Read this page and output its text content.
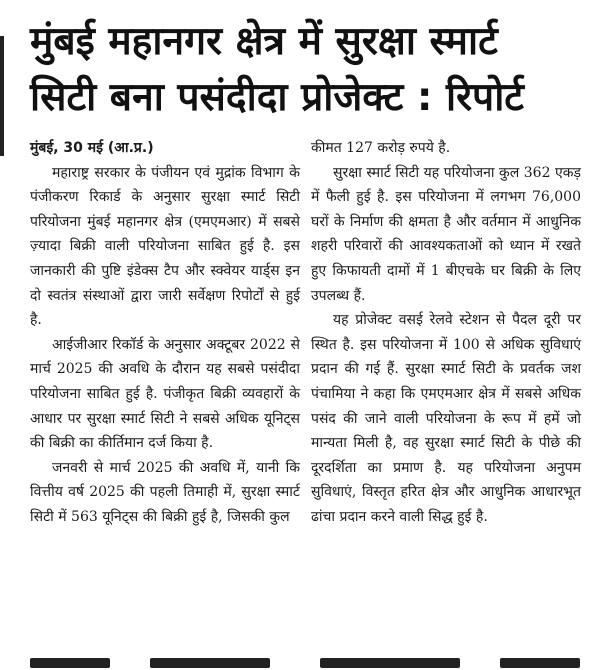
मुंबई महानगर क्षेत्र में सुरक्षा स्मार्ट
सिटी बना पसंदीदा प्रोजेक्ट : रिपोर्ट

मुंबई, 30 मई (आ.प्र.)

महाराष्ट्र सरकार के पंजीयन एवं मुद्रांक विभाग के पंजीकरण रिकार्ड के अनुसार सुरक्षा स्मार्ट सिटी परियोजना मुंबई महानगर क्षेत्र (एमएमआर) में सबसे ज़्यादा बिक्री वाली परियोजना साबित हुई है. इस जानकारी की पुष्टि इंडेक्स टैप और स्क्वेयर यार्ड्स इन दो स्वतंत्र संस्थाओं द्वारा जारी सर्वेक्षण रिपोर्टों से हुई है.

आईजीआर रिकॉर्ड के अनुसार अक्टूबर 2022 से मार्च 2025 की अवधि के दौरान यह सबसे पसंदीदा परियोजना साबित हुई है. पंजीकृत बिक्री व्यवहारों के आधार पर सुरक्षा स्मार्ट सिटी ने सबसे अधिक यूनिट्स की बिक्री का कीर्तिमान दर्ज किया है.

जनवरी से मार्च 2025 की अवधि में, यानी कि वित्तीय वर्ष 2025 की पहली तिमाही में, सुरक्षा स्मार्ट सिटी में 563 यूनिट्स की बिक्री हुई है, जिसकी कुल

कीमत 127 करोड़ रुपये है.

सुरक्षा स्मार्ट सिटी यह परियोजना कुल 362 एकड़ में फैली हुई है. इस परियोजना में लगभग 76,000 घरों के निर्माण की क्षमता है और वर्तमान में आधुनिक शहरी परिवारों की आवश्यकताओं को ध्यान में रखते हुए किफायती दामों में 1 बीएचके घर बिक्री के लिए उपलब्ध हैं.

यह प्रोजेक्ट वसई रेलवे स्टेशन से पैदल दूरी पर स्थित है. इस परियोजना में 100 से अधिक सुविधाएं प्रदान की गई हैं. सुरक्षा स्मार्ट सिटी के प्रवर्तक जश पंचामिया ने कहा कि एमएमआर क्षेत्र में सबसे अधिक पसंद की जाने वाली परियोजना के रूप में हमें जो मान्यता मिली है, वह सुरक्षा स्मार्ट सिटी के पीछे की दूरदर्शिता का प्रमाण है. यह परियोजना अनुपम सुविधाएं, विस्तृत हरित क्षेत्र और आधुनिक आधारभूत ढांचा प्रदान करने वाली सिद्ध हुई है.
